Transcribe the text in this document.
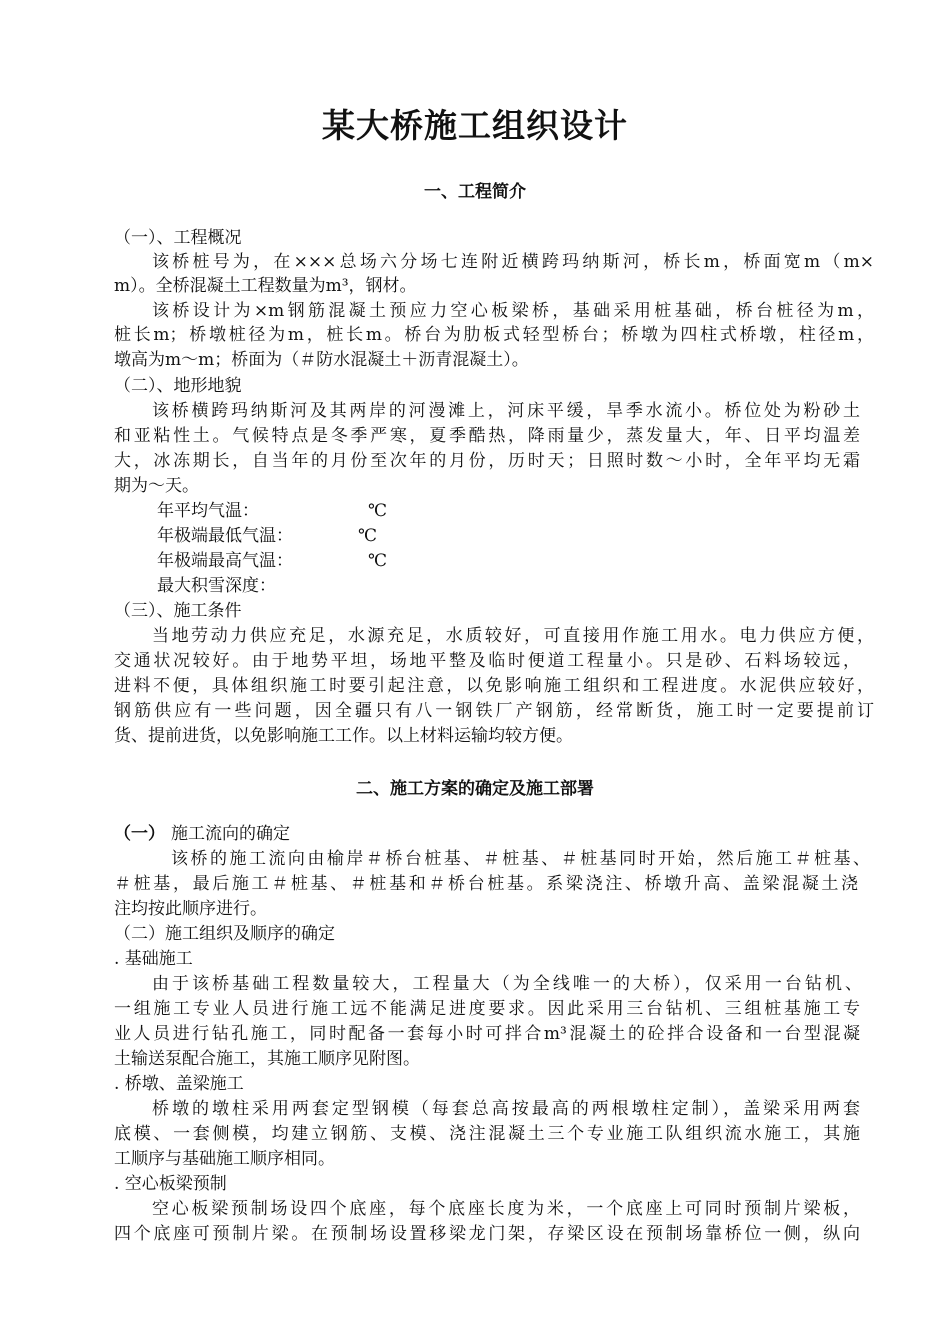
某大桥施工组织设计
一、工程简介
（一）、工程概况
该桥桩号为，在×××总场六分场七连附近横跨玛纳斯河，桥长m，桥面宽m（m×
m）。全桥混凝土工程数量为m³，钢材。
该桥设计为×m钢筋混凝土预应力空心板梁桥，基础采用桩基础，桥台桩径为m，
桩长m；桥墩桩径为m，桩长m。桥台为肋板式轻型桥台；桥墩为四柱式桥墩，柱径m，
墩高为m～m；桥面为（＃防水混凝土＋沥青混凝土）。
（二）、地形地貌
该桥横跨玛纳斯河及其两岸的河漫滩上，河床平缓，旱季水流小。桥位处为粉砂土
和亚粘性土。气候特点是冬季严寒，夏季酷热，降雨量少，蒸发量大，年、日平均温差
大，冰冻期长，自当年的月份至次年的月份，历时天；日照时数～小时，全年平均无霜
期为～天。
年平均气温：	℃
年极端最低气温：	℃
年极端最高气温：	℃
最大积雪深度：
（三）、施工条件
当地劳动力供应充足，水源充足，水质较好，可直接用作施工用水。电力供应方便，
交通状况较好。由于地势平坦，场地平整及临时便道工程量小。只是砂、石料场较远，
进料不便，具体组织施工时要引起注意，以免影响施工组织和工程进度。水泥供应较好，
钢筋供应有一些问题，因全疆只有八一钢铁厂产钢筋，经常断货，施工时一定要提前订
货、提前进货，以免影响施工工作。以上材料运输均较方便。
二、施工方案的确定及施工部署
（一） 施工流向的确定
该桥的施工流向由榆岸＃桥台桩基、＃桩基、＃桩基同时开始，然后施工＃桩基、
＃桩基，最后施工＃桩基、＃桩基和＃桥台桩基。系梁浇注、桥墩升高、盖梁混凝土浇
注均按此顺序进行。
（二）施工组织及顺序的确定
. 基础施工
由于该桥基础工程数量较大，工程量大（为全线唯一的大桥），仅采用一台钻机、
一组施工专业人员进行施工远不能满足进度要求。因此采用三台钻机、三组桩基施工专
业人员进行钻孔施工，同时配备一套每小时可拌合m³混凝土的砼拌合设备和一台型混凝
土输送泵配合施工，其施工顺序见附图。
. 桥墩、盖梁施工
桥墩的墩柱采用两套定型钢模（每套总高按最高的两根墩柱定制），盖梁采用两套
底模、一套侧模，均建立钢筋、支模、浇注混凝土三个专业施工队组织流水施工，其施
工顺序与基础施工顺序相同。
. 空心板梁预制
空心板梁预制场设四个底座，每个底座长度为米，一个底座上可同时预制片梁板，
四个底座可预制片梁。在预制场设置移梁龙门架，存梁区设在预制场靠桥位一侧，纵向
